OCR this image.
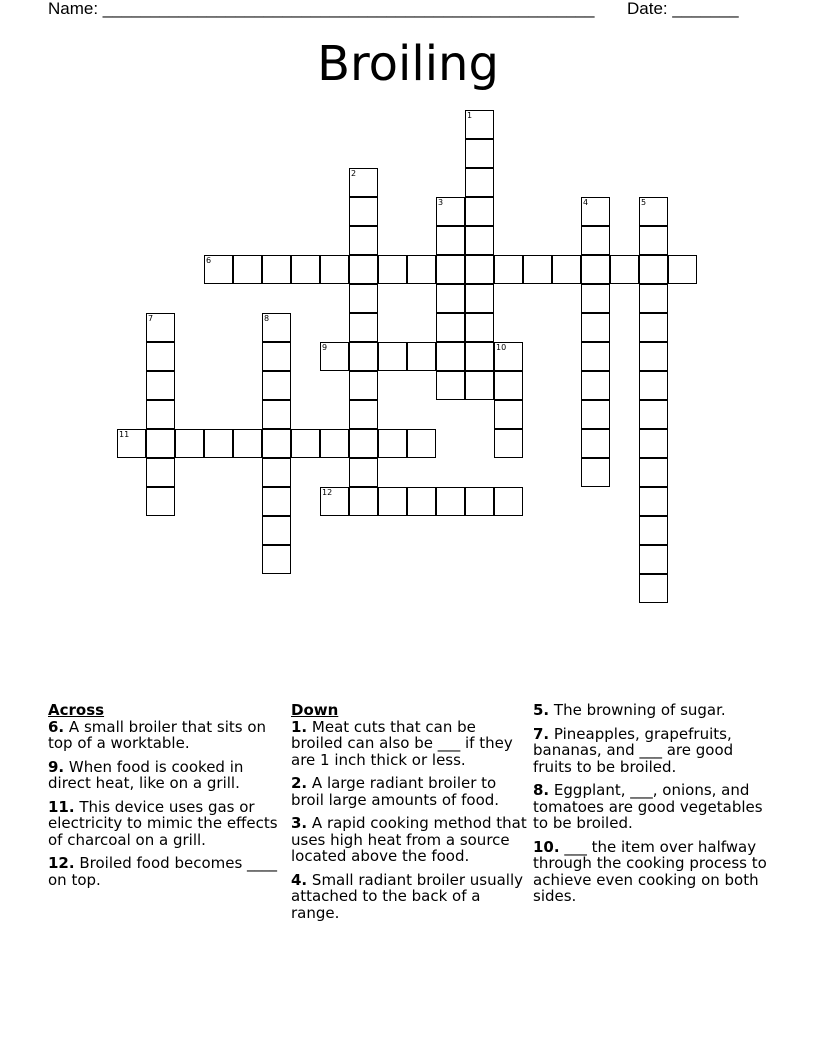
Name: ____________________________________________________ Date: _______
Broiling
1
2
3	4	5
6
7	8
9	10
11
12
Across
6. A small broiler that sits on top of a worktable.
9. When food is cooked in direct heat, like on a grill.
11. This device uses gas or electricity to mimic the effects of charcoal on a grill.
12. Broiled food becomes ____ on top.
Down
1. Meat cuts that can be broiled can also be ___ if they are 1 inch thick or less.
2. A large radiant broiler to broil large amounts of food.
3. A rapid cooking method that uses high heat from a source located above the food.
4. Small radiant broiler usually attached to the back of a range.
5. The browning of sugar.
7. Pineapples, grapefruits, bananas, and ___ are good fruits to be broiled.
8. Eggplant, ___, onions, and tomatoes are good vegetables to be broiled.
10. ___ the item over halfway through the cooking process to achieve even cooking on both sides.
